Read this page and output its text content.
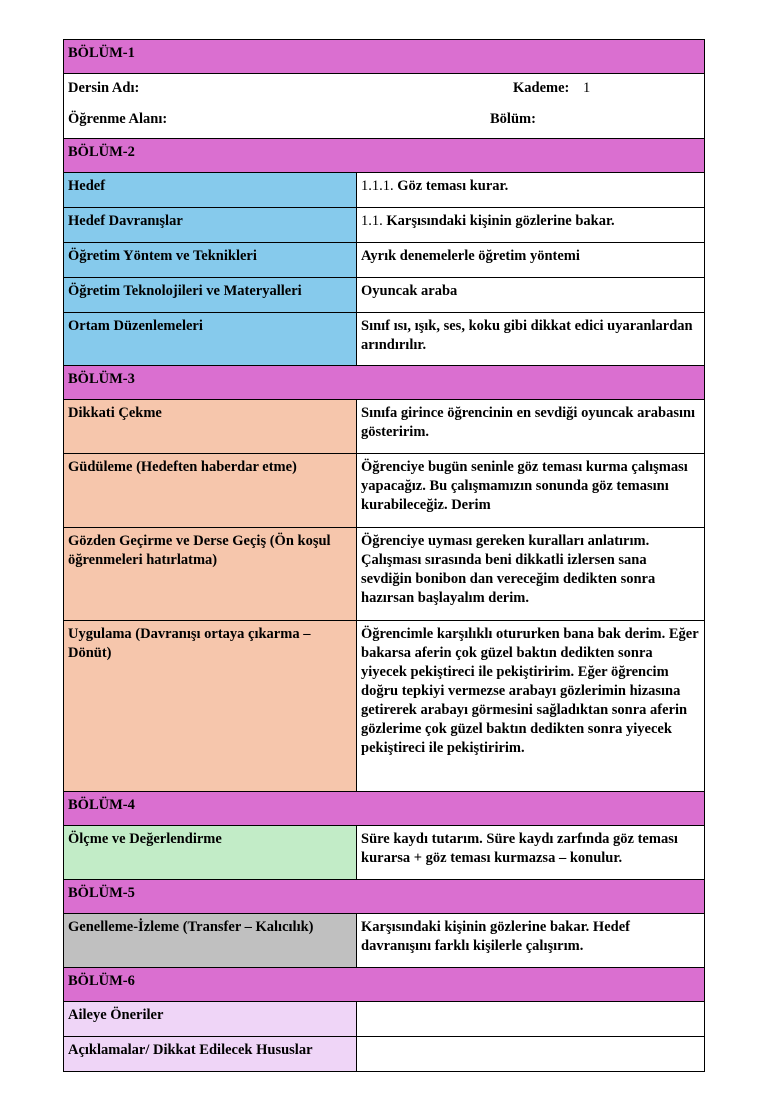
BÖLÜM-1	

Dersin Adı: Kademe: 1
Öğrenme Alanı: Bölüm:	

BÖLÜM-2	
Hedef	1.1.1. Göz teması kurar.
Hedef Davranışlar	1.1. Karşısındaki kişinin gözlerine bakar.
Öğretim Yöntem ve Teknikleri	Ayrık denemelerle öğretim yöntemi
Öğretim Teknolojileri ve Materyalleri	Oyuncak araba
Ortam Düzenlemeleri	Sınıf ısı, ışık, ses, koku gibi dikkat edici uyaranlardan arındırılır.
BÖLÜM-3	
Dikkati Çekme	Sınıfa girince öğrencinin en sevdiği oyuncak arabasını gösteririm.
Güdüleme (Hedeften haberdar etme)	Öğrenciye bugün seninle göz teması kurma çalışması yapacağız. Bu çalışmamızın sonunda göz temasını kurabileceğiz. Derim
Gözden Geçirme ve Derse Geçiş (Ön koşul öğrenmeleri hatırlatma)	Öğrenciye uyması gereken kuralları anlatırım. Çalışması sırasında beni dikkatli izlersen sana sevdiğin bonibon dan vereceğim dedikten sonra hazırsan başlayalım derim.
Uygulama (Davranışı ortaya çıkarma – Dönüt)	Öğrencimle karşılıklı otururken bana bak derim. Eğer bakarsa aferin çok güzel baktın dedikten sonra yiyecek pekiştireci ile pekiştiririm. Eğer öğrencim doğru tepkiyi vermezse arabayı gözlerimin hizasına getirerek arabayı görmesini sağladıktan sonra aferin gözlerime çok güzel baktın dedikten sonra yiyecek pekiştireci ile pekiştiririm.
BÖLÜM-4	
Ölçme ve Değerlendirme	Süre kaydı tutarım. Süre kaydı zarfında göz teması kurarsa + göz teması kurmazsa – konulur.
BÖLÜM-5	
Genelleme-İzleme (Transfer – Kalıcılık)	Karşısındaki kişinin gözlerine bakar. Hedef davranışını farklı kişilerle çalışırım.
BÖLÜM-6	
Aileye Öneriler	
Açıklamalar/ Dikkat Edilecek Hususlar	
